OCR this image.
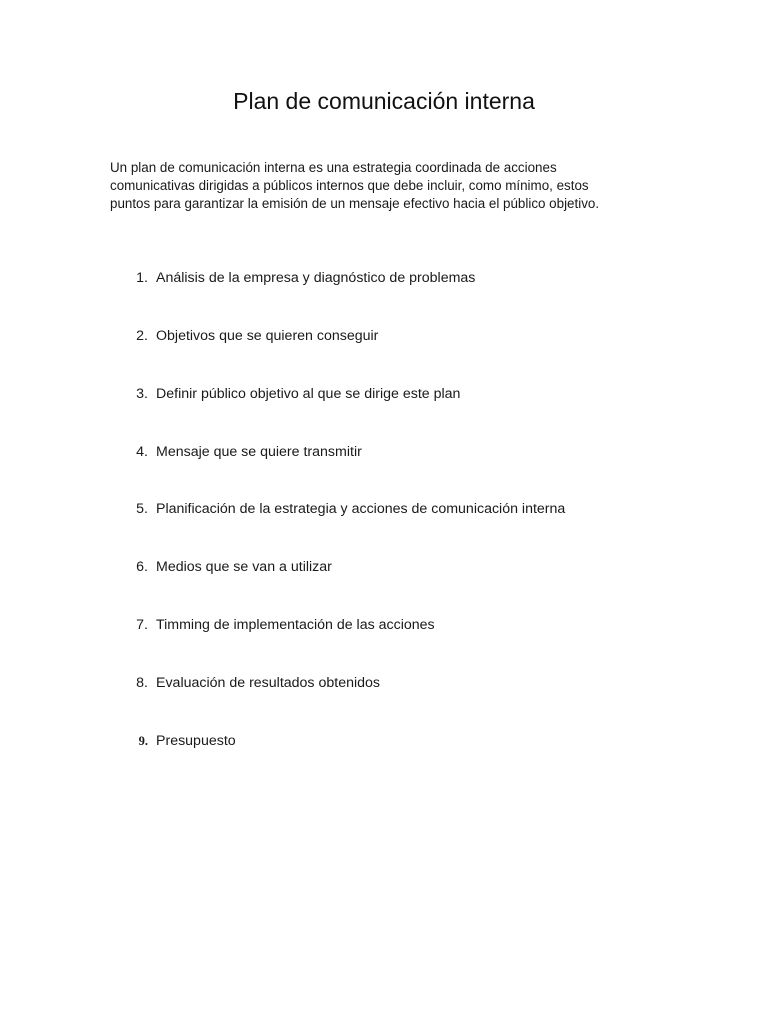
Plan de comunicación interna

Un plan de comunicación interna es una estrategia coordinada de acciones
comunicativas dirigidas a públicos internos que debe incluir, como mínimo, estos
puntos para garantizar la emisión de un mensaje efectivo hacia el público objetivo.

1. Análisis de la empresa y diagnóstico de problemas
2. Objetivos que se quieren conseguir
3. Definir público objetivo al que se dirige este plan
4. Mensaje que se quiere transmitir
5. Planificación de la estrategia y acciones de comunicación interna
6. Medios que se van a utilizar
7. Timming de implementación de las acciones
8. Evaluación de resultados obtenidos
9. Presupuesto
